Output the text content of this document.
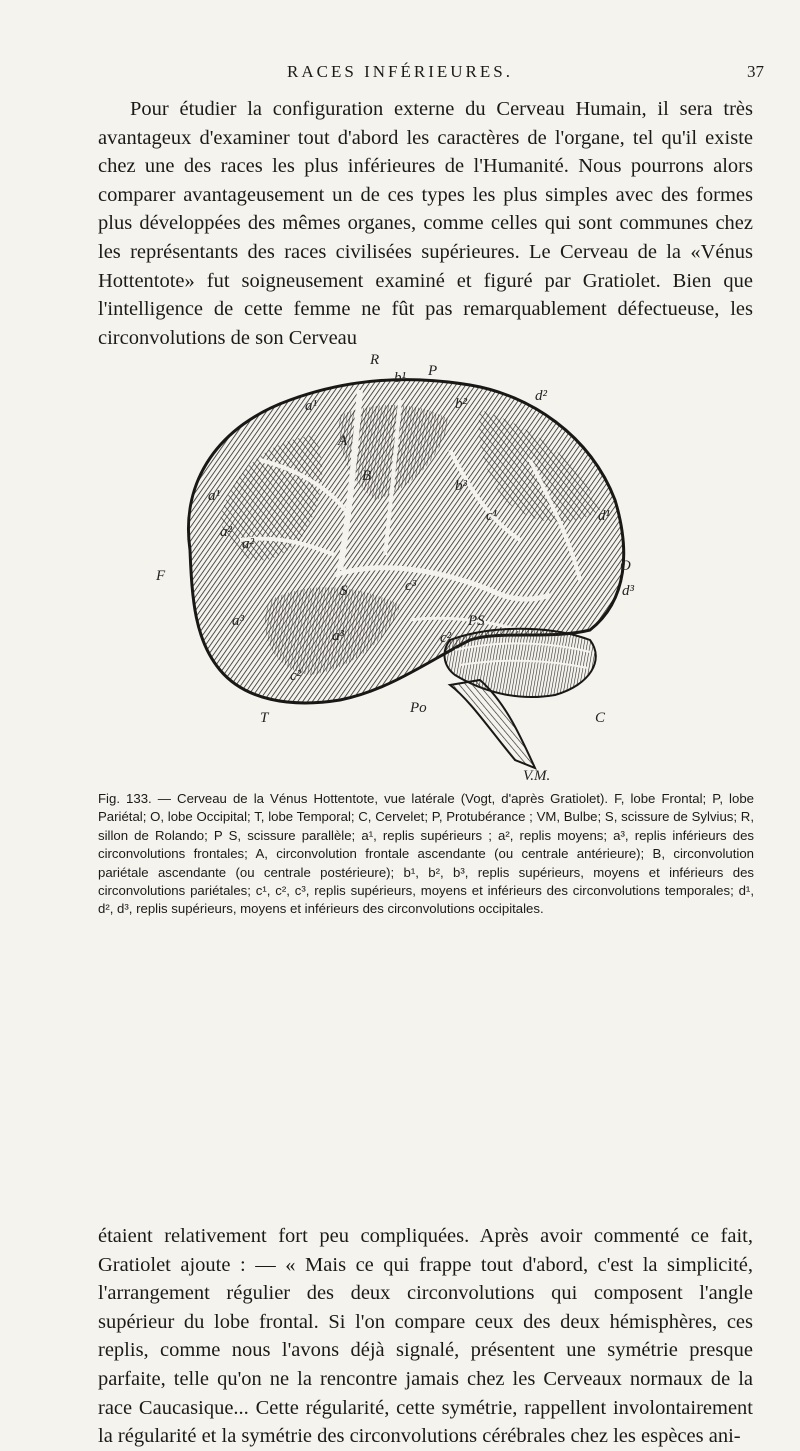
RACES INFÉRIEURES.	37

Pour étudier la configuration externe du Cerveau Humain, il sera très avantageux d'examiner tout d'abord les caractères de l'organe, tel qu'il existe chez une des races les plus inférieures de l'Humanité. Nous pourrons alors comparer avantageusement un de ces types les plus simples avec des formes plus développées des mêmes organes, comme celles qui sont communes chez les représentants des races civilisées supérieures. Le Cerveau de la «Vénus Hottentote» fut soigneusement examiné et figuré par Gratiolet. Bien que l'intelligence de cette femme ne fût pas remarquablement défectueuse, les circonvolutions de son Cerveau

R
P
b¹
a¹
a¹
b²	d²
d¹
A
B
b³
c¹
a²
a²
F
O
d³
S	c³
a³
a³
PS
c²
c²
C
T
Po
V.M.

Fig. 133. — Cerveau de la Vénus Hottentote, vue latérale (Vogt, d'après Gratiolet). F, lobe Frontal; P, lobe Pariétal; O, lobe Occipital; T, lobe Temporal; C, Cervelet; P, Protubérance ; VM, Bulbe; S, scissure de Sylvius; R, sillon de Rolando; P S, scissure parallèle; a¹, replis supérieurs ; a², replis moyens; a³, replis inférieurs des circonvolutions frontales; A, circonvolution frontale ascendante (ou centrale antérieure); B, circonvolution pariétale ascendante (ou centrale postérieure); b¹, b², b³, replis supérieurs, moyens et inférieurs des circonvolutions pariétales; c¹, c², c³, replis supérieurs, moyens et inférieurs des circonvolutions temporales; d¹, d², d³, replis supérieurs, moyens et inférieurs des circonvolutions occipitales.

étaient relativement fort peu compliquées. Après avoir commenté ce fait, Gratiolet ajoute : — « Mais ce qui frappe tout d'abord, c'est la simplicité, l'arrangement régulier des deux circonvolutions qui composent l'angle supérieur du lobe frontal. Si l'on compare ceux des deux hémisphères, ces replis, comme nous l'avons déjà signalé, présentent une symétrie presque parfaite, telle qu'on ne la rencontre jamais chez les Cerveaux normaux de la race Caucasique... Cette régularité, cette symétrie, rappellent involontairement la régularité et la symétrie des circonvolutions cérébrales chez les espèces ani-
